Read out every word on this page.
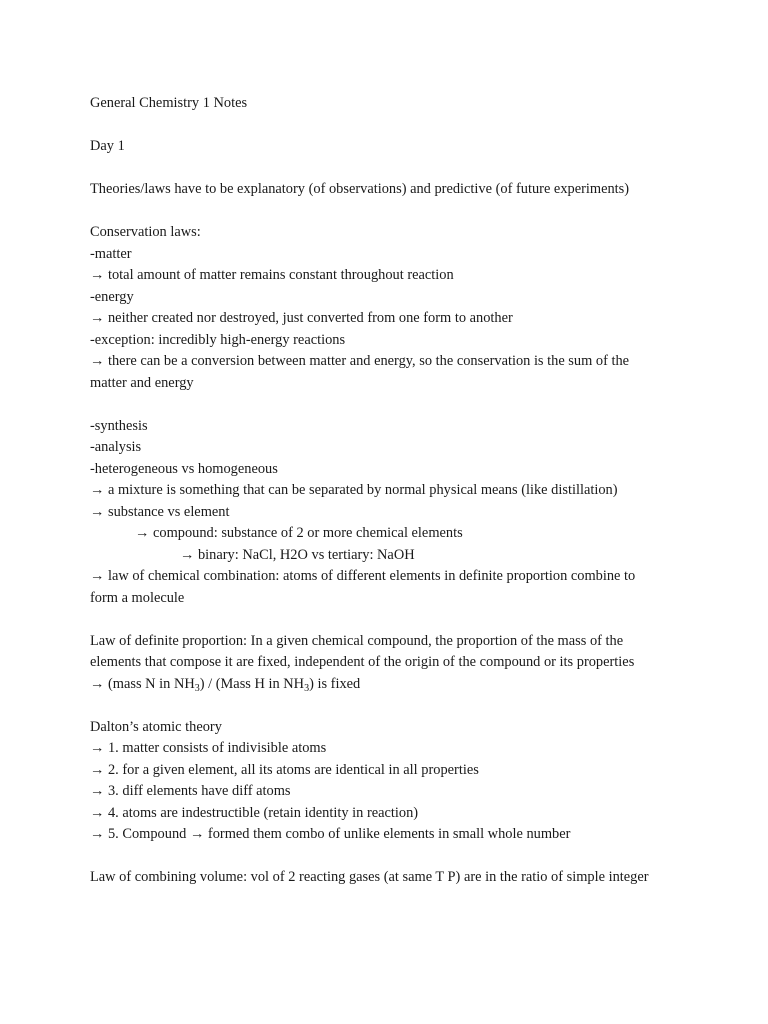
General Chemistry 1 Notes
Day 1
Theories/laws have to be explanatory (of observations) and predictive (of future experiments)
Conservation laws:
-matter
→ total amount of matter remains constant throughout reaction
-energy
→ neither created nor destroyed, just converted from one form to another
-exception: incredibly high-energy reactions
→ there can be a conversion between matter and energy, so the conservation is the sum of the
matter and energy
-synthesis
-analysis
-heterogeneous vs homogeneous
→ a mixture is something that can be separated by normal physical means (like distillation)
→ substance vs element
→ compound: substance of 2 or more chemical elements
→ binary: NaCl, H2O vs tertiary: NaOH
→ law of chemical combination: atoms of different elements in definite proportion combine to
form a molecule
Law of definite proportion: In a given chemical compound, the proportion of the mass of the
elements that compose it are fixed, independent of the origin of the compound or its properties
→ (mass N in $NH_3$) / (Mass H in $NH_3$) is fixed
Dalton’s atomic theory
→ 1. matter consists of indivisible atoms
→ 2. for a given element, all its atoms are identical in all properties
→ 3. diff elements have diff atoms
→ 4. atoms are indestructible (retain identity in reaction)
→ 5. Compound → formed them combo of unlike elements in small whole number
Law of combining volume: vol of 2 reacting gases (at same T P) are in the ratio of simple integer
